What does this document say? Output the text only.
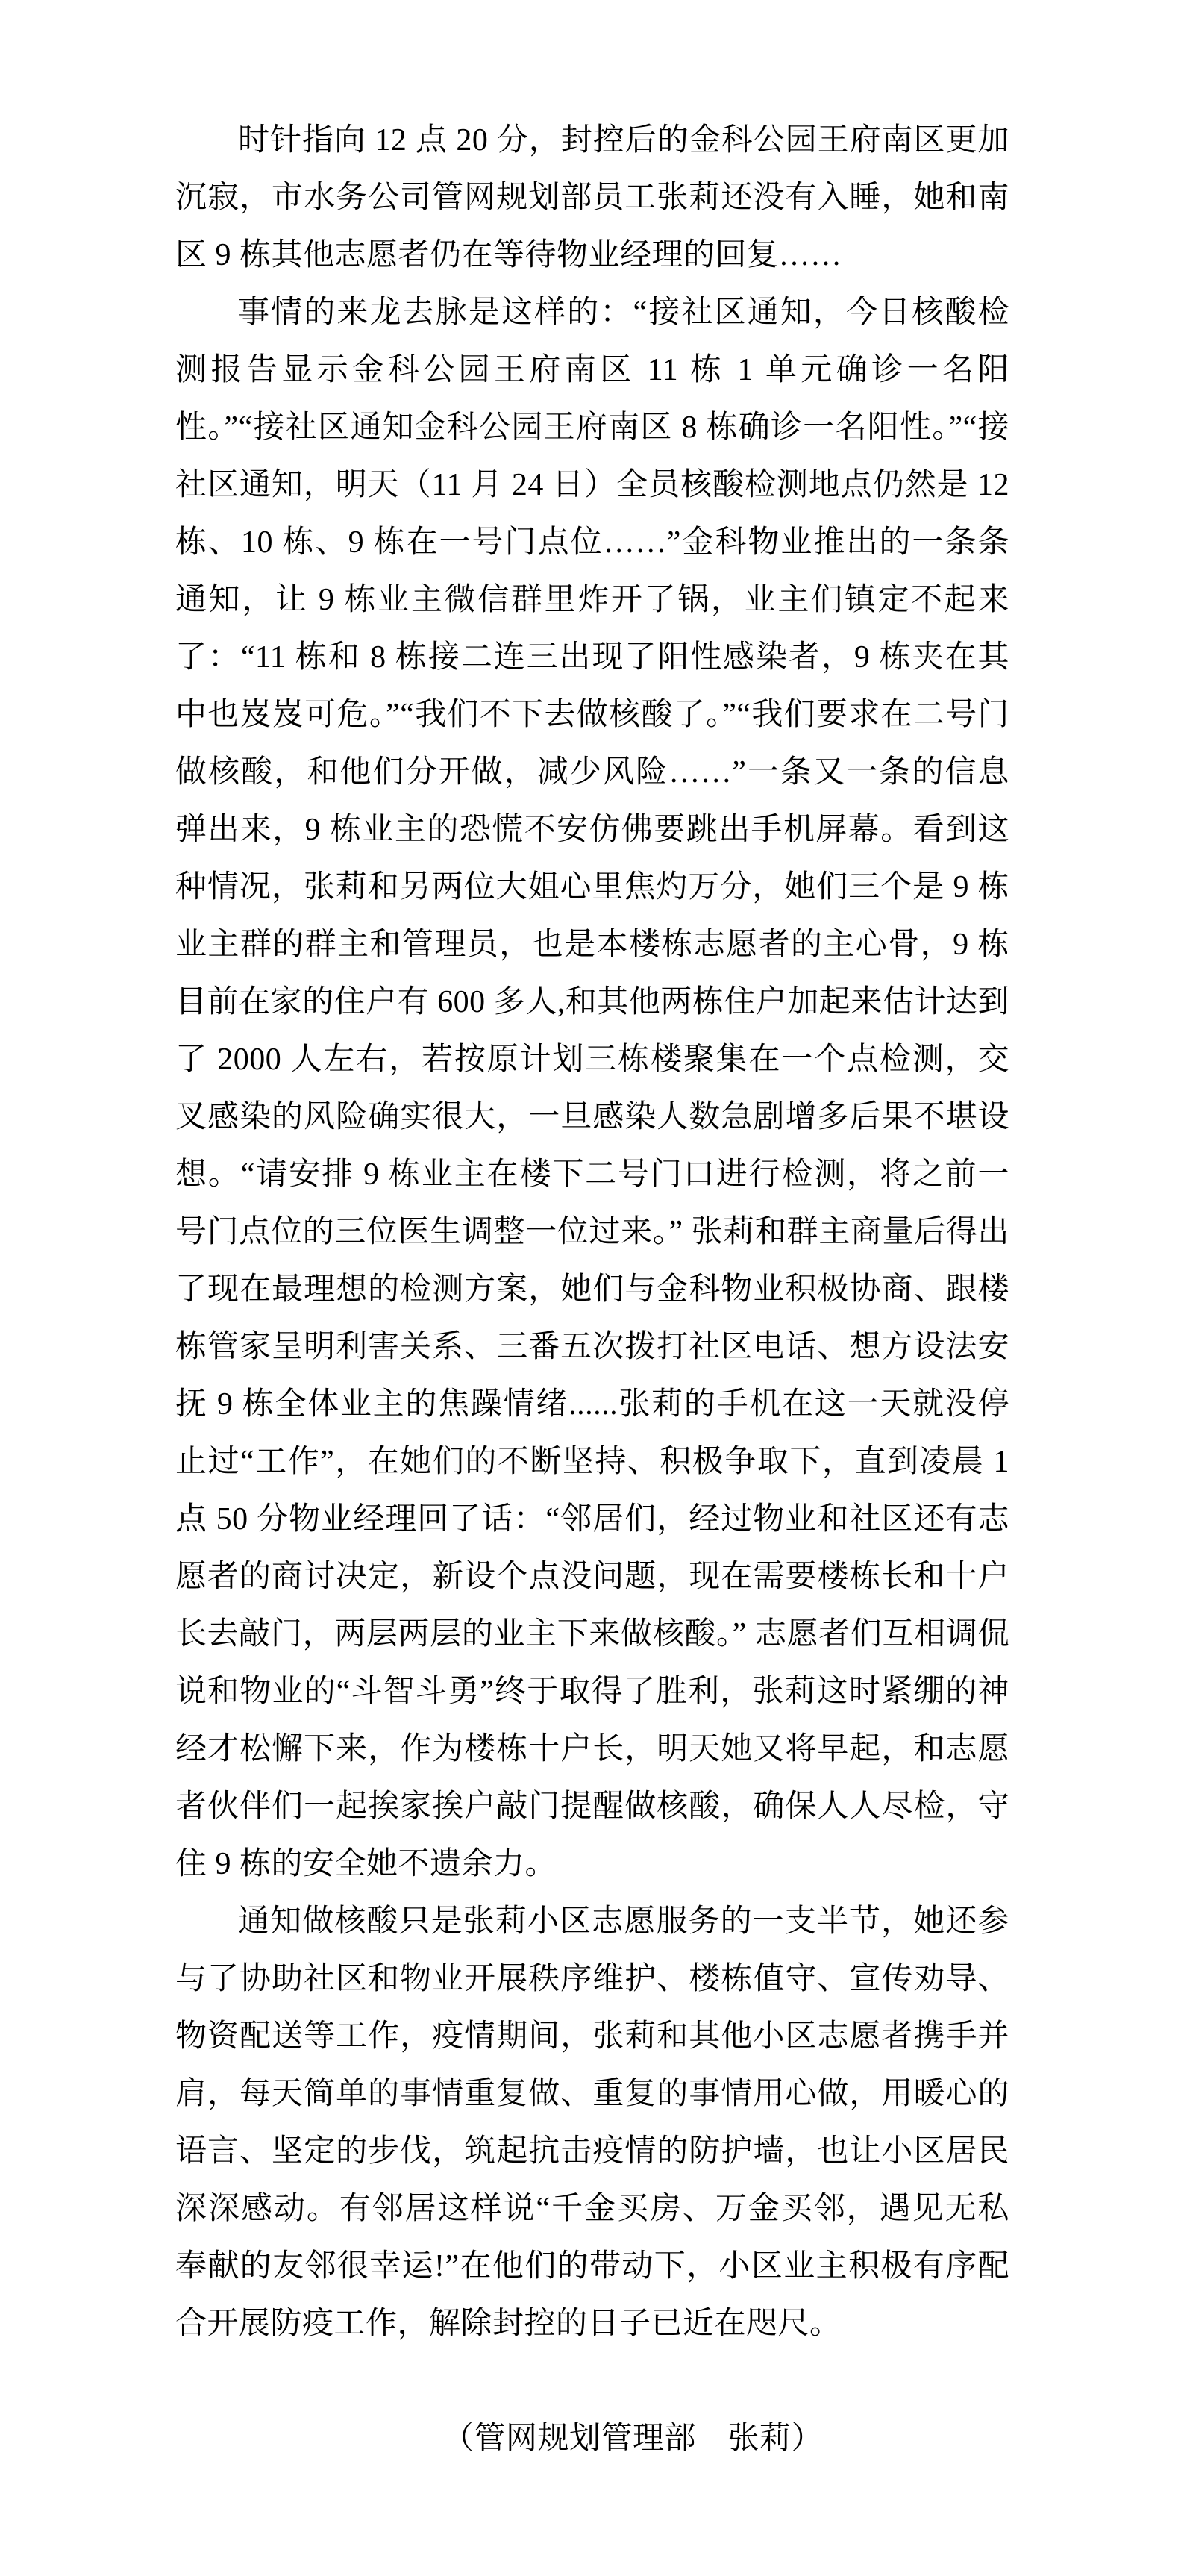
时针指向 12 点 20 分，封控后的金科公园王府南区更加沉寂，市水务公司管网规划部员工张莉还没有入睡，她和南区 9 栋其他志愿者仍在等待物业经理的回复……

事情的来龙去脉是这样的：“接社区通知，今日核酸检测报告显示金科公园王府南区 11 栋 1 单元确诊一名阳性。”“接社区通知金科公园王府南区 8 栋确诊一名阳性。”“接社区通知，明天（11 月 24 日）全员核酸检测地点仍然是 12 栋、10 栋、9 栋在一号门点位……”金科物业推出的一条条通知，让 9 栋业主微信群里炸开了锅，业主们镇定不起来了：“11 栋和 8 栋接二连三出现了阳性感染者，9 栋夹在其中也岌岌可危。”“我们不下去做核酸了。”“我们要求在二号门做核酸，和他们分开做，减少风险……”一条又一条的信息弹出来，9 栋业主的恐慌不安仿佛要跳出手机屏幕。看到这种情况，张莉和另两位大姐心里焦灼万分，她们三个是 9 栋业主群的群主和管理员，也是本楼栋志愿者的主心骨，9 栋目前在家的住户有 600 多人,和其他两栋住户加起来估计达到了 2000 人左右，若按原计划三栋楼聚集在一个点检测，交叉感染的风险确实很大，一旦感染人数急剧增多后果不堪设想。“请安排 9 栋业主在楼下二号门口进行检测，将之前一号门点位的三位医生调整一位过来。” 张莉和群主商量后得出了现在最理想的检测方案，她们与金科物业积极协商、跟楼栋管家呈明利害关系、三番五次拨打社区电话、想方设法安抚 9 栋全体业主的焦躁情绪......张莉的手机在这一天就没停止过“工作”，在她们的不断坚持、积极争取下，直到凌晨 1 点 50 分物业经理回了话：“邻居们，经过物业和社区还有志愿者的商讨决定，新设个点没问题，现在需要楼栋长和十户长去敲门，两层两层的业主下来做核酸。” 志愿者们互相调侃说和物业的“斗智斗勇”终于取得了胜利，张莉这时紧绷的神经才松懈下来，作为楼栋十户长，明天她又将早起，和志愿者伙伴们一起挨家挨户敲门提醒做核酸，确保人人尽检，守住 9 栋的安全她不遗余力。

通知做核酸只是张莉小区志愿服务的一支半节，她还参与了协助社区和物业开展秩序维护、楼栋值守、宣传劝导、物资配送等工作，疫情期间，张莉和其他小区志愿者携手并肩，每天简单的事情重复做、重复的事情用心做，用暖心的语言、坚定的步伐，筑起抗击疫情的防护墙，也让小区居民深深感动。有邻居这样说“千金买房、万金买邻，遇见无私奉献的友邻很幸运!”在他们的带动下，小区业主积极有序配合开展防疫工作，解除封控的日子已近在咫尺。

（管网规划管理部　张莉）
